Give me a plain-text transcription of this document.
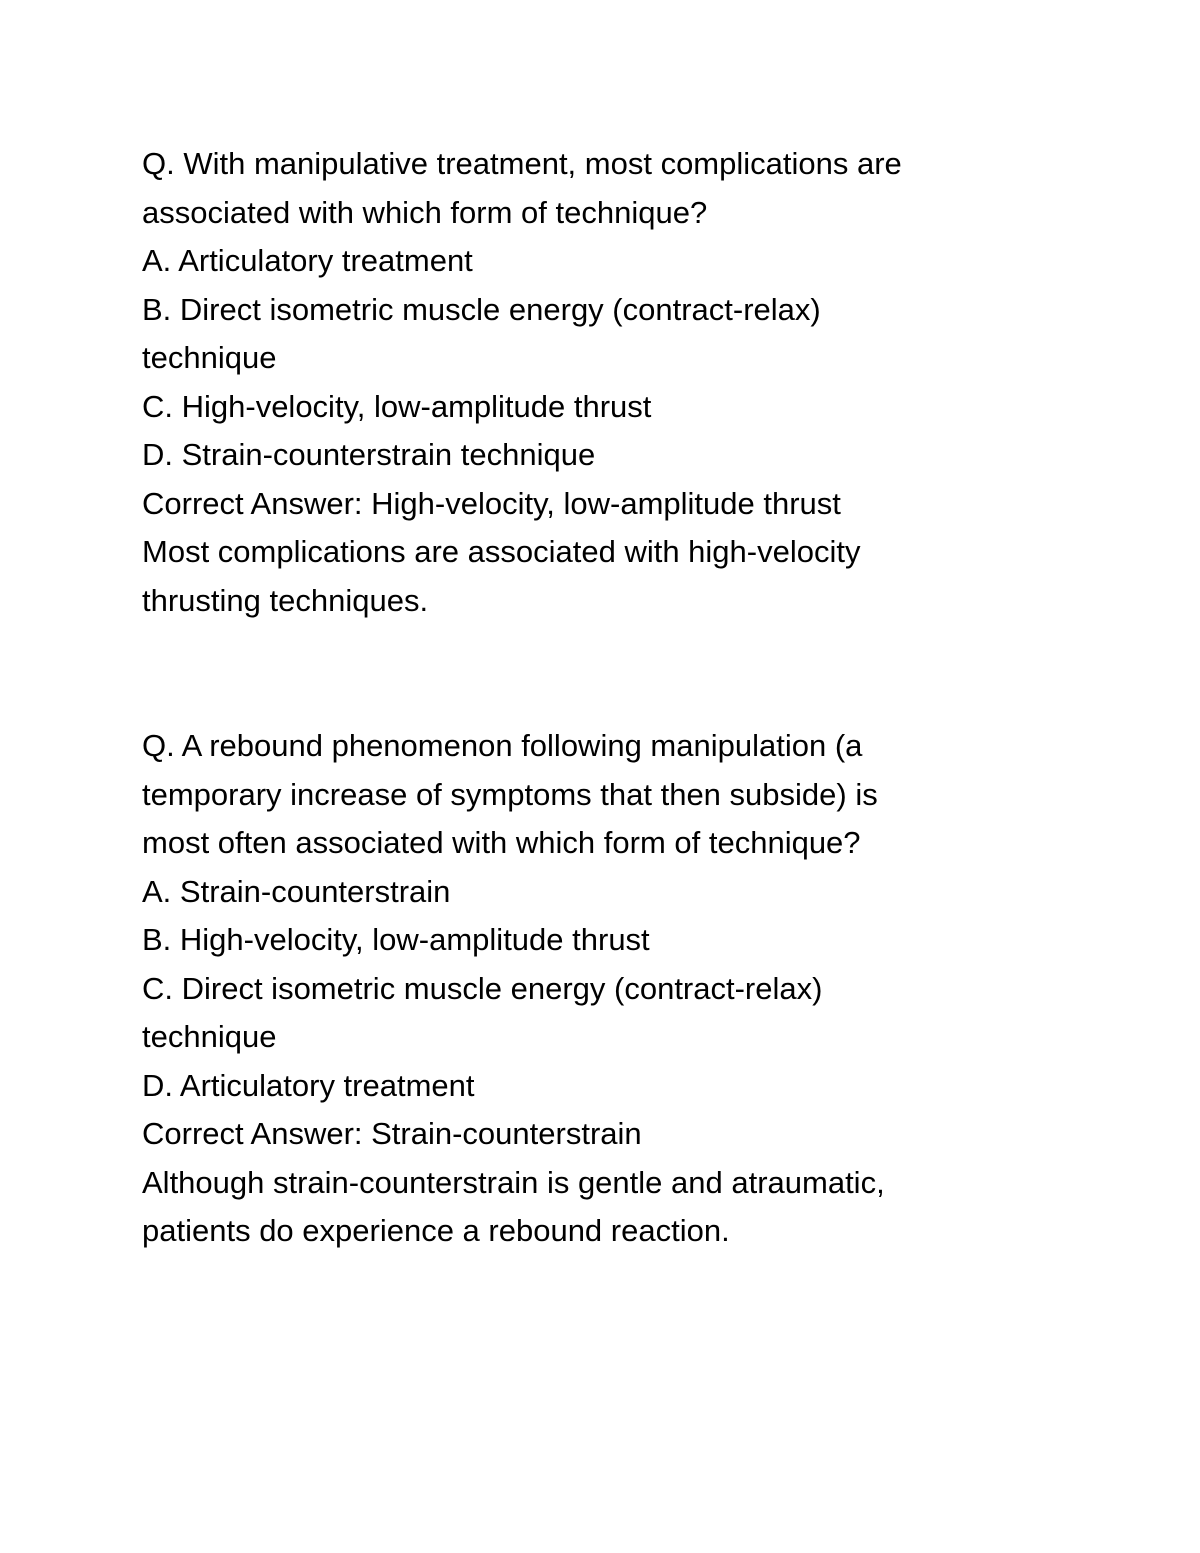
Q. With manipulative treatment, most complications are

associated with which form of technique?

A. Articulatory treatment

B. Direct isometric muscle energy (contract-relax)

technique

C. High-velocity, low-amplitude thrust

D. Strain-counterstrain technique

Correct Answer: High-velocity, low-amplitude thrust

Most complications are associated with high-velocity

thrusting techniques.

Q. A rebound phenomenon following manipulation (a

temporary increase of symptoms that then subside) is

most often associated with which form of technique?

A. Strain-counterstrain

B. High-velocity, low-amplitude thrust

C. Direct isometric muscle energy (contract-relax)

technique

D. Articulatory treatment

Correct Answer: Strain-counterstrain

Although strain-counterstrain is gentle and atraumatic,

patients do experience a rebound reaction.
